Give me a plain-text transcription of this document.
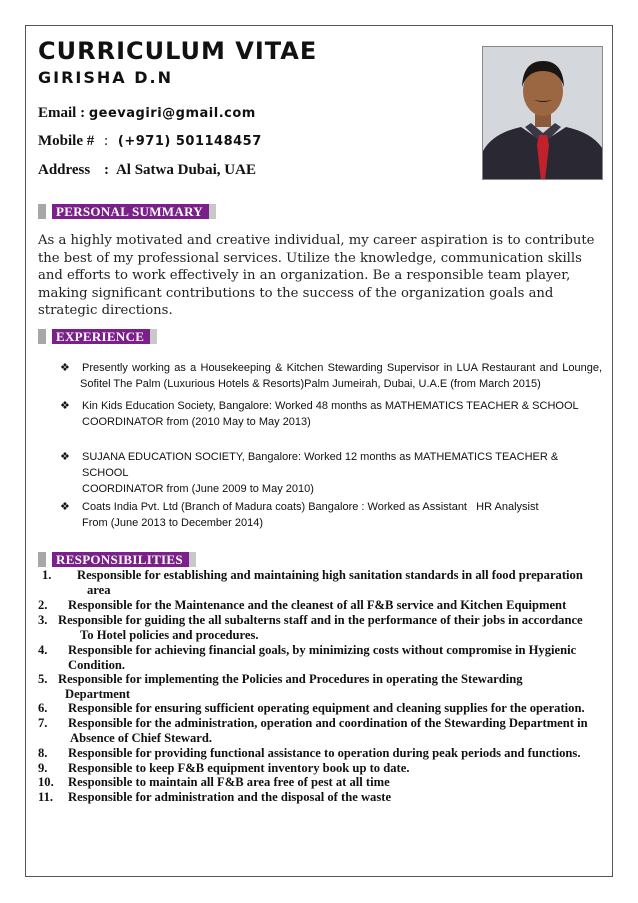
CURRICULUM VITAE
GIRISHA D.N
Email : geevagiri@gmail.com
Mobile # : (+971) 501148457
Address : Al Satwa Dubai, UAE
PERSONAL SUMMARY

As a highly motivated and creative individual, my career aspiration is to contribute the best of my professional services. Utilize the knowledge, communication skills and efforts to work effectively in an organization. Be a responsible team player, making significant contributions to the success of the organization goals and strategic directions.

EXPERIENCE
❖ Presently working as a Housekeeping & Kitchen Stewarding Supervisor in LUA Restaurant and Lounge,
Sofitel The Palm (Luxurious Hotels & Resorts)Palm Jumeirah, Dubai, U.A.E (from March 2015)
❖ Kin Kids Education Society, Bangalore: Worked 48 months as MATHEMATICS TEACHER & SCHOOL
COORDINATOR from (2010 May to May 2013)
❖ SUJANA EDUCATION SOCIETY, Bangalore: Worked 12 months as MATHEMATICS TEACHER & SCHOOL
COORDINATOR from (June 2009 to May 2010)
❖ Coats India Pvt. Ltd (Branch of Madura coats) Bangalore : Worked as Assistant   HR Analysist
From (June 2013 to December 2014)
RESPONSIBILITIES
1. Responsible for establishing and maintaining high sanitation standards in all food preparation
area
2. Responsible for the Maintenance and the cleanest of all F&B service and Kitchen Equipment
3. Responsible for guiding the all subalterns staff and in the performance of their jobs in accordance
To Hotel policies and procedures.
4. Responsible for achieving financial goals, by minimizing costs without compromise in Hygienic
Condition.
5. Responsible for implementing the Policies and Procedures in operating the Stewarding
Department
6. Responsible for ensuring sufficient operating equipment and cleaning supplies for the operation.
7. Responsible for the administration, operation and coordination of the Stewarding Department in
Absence of Chief Steward.
8. Responsible for providing functional assistance to operation during peak periods and functions.
9. Responsible to keep F&B equipment inventory book up to date.
10. Responsible to maintain all F&B area free of pest at all time
11. Responsible for administration and the disposal of the waste
